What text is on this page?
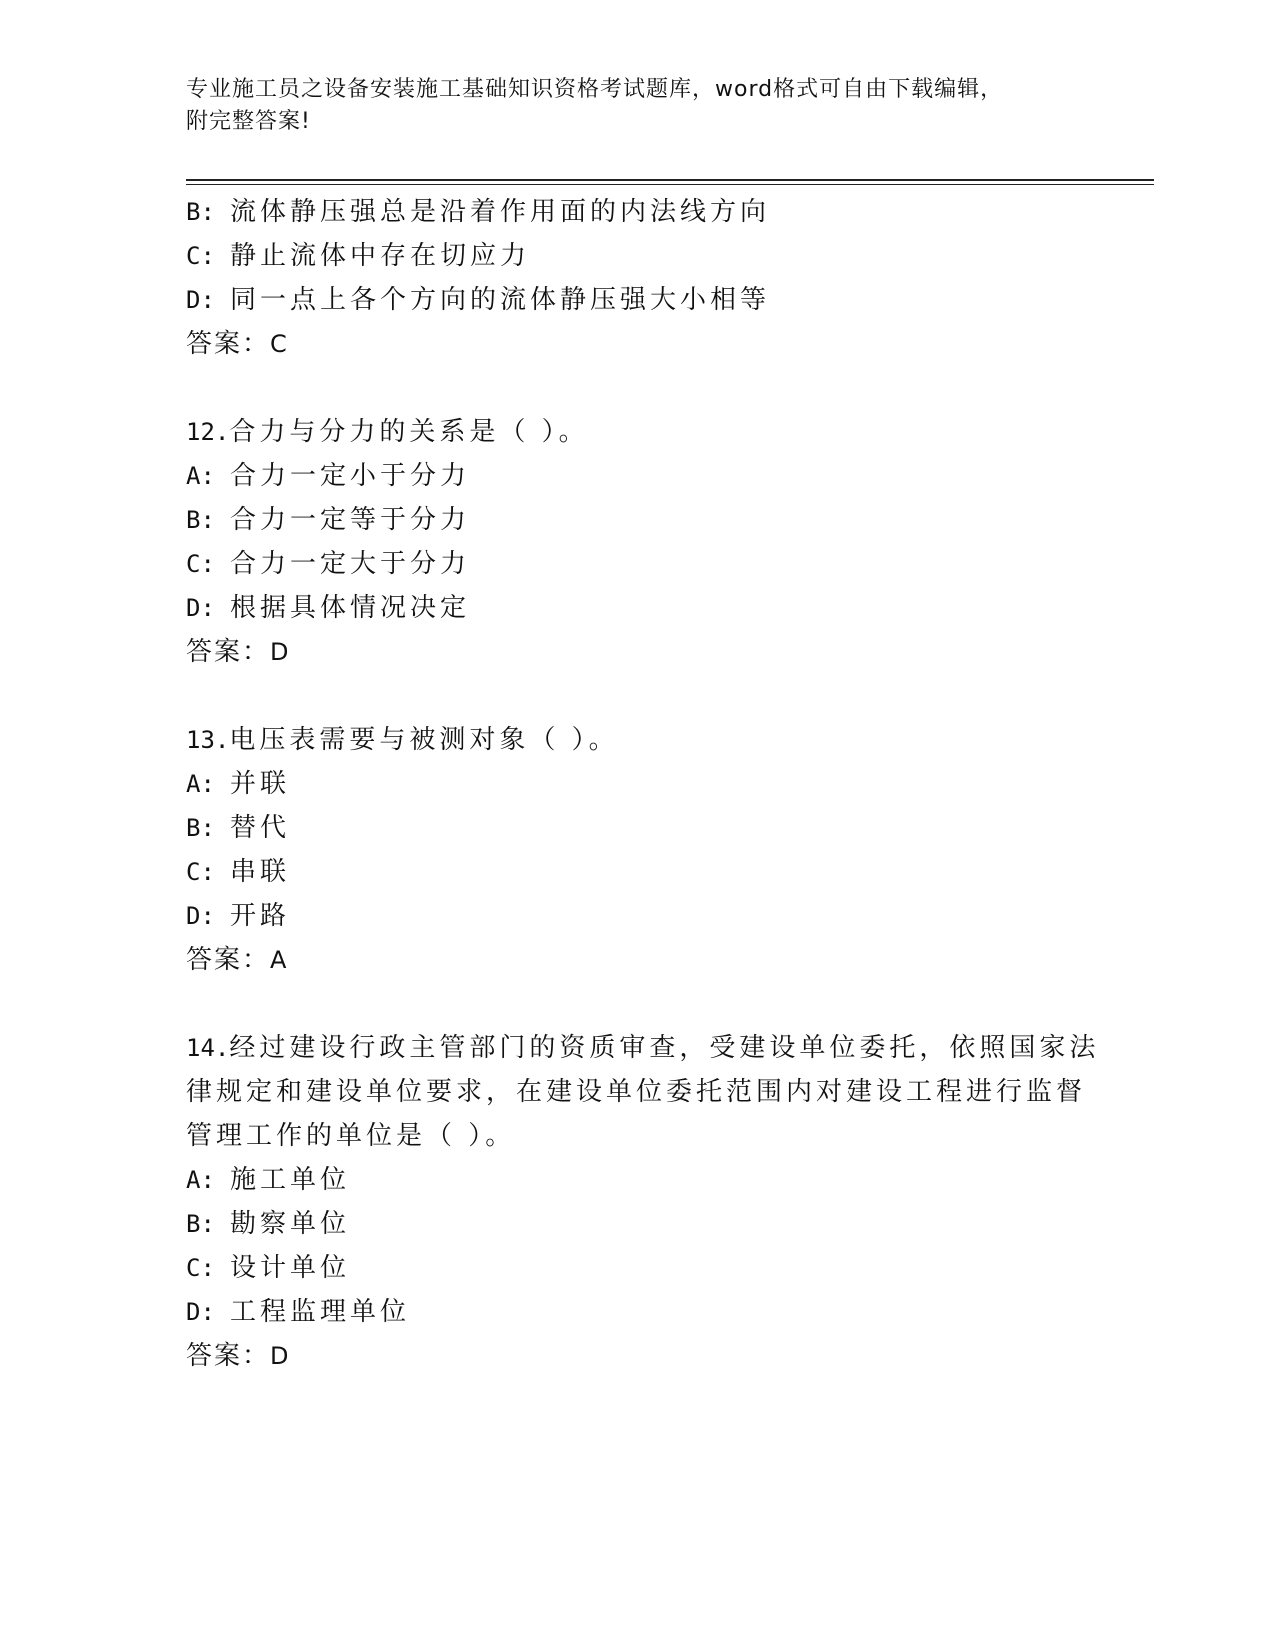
专业施工员之设备安装施工基础知识资格考试题库，word格式可自由下载编辑，
附完整答案!
B: 流体静压强总是沿着作用面的内法线方向
C: 静止流体中存在切应力
D: 同一点上各个方向的流体静压强大小相等
答案：C
12.合力与分力的关系是（ ）。
A: 合力一定小于分力
B: 合力一定等于分力
C: 合力一定大于分力
D: 根据具体情况决定
答案：D
13.电压表需要与被测对象（ ）。
A: 并联
B: 替代
C: 串联
D: 开路
答案：A
14.经过建设行政主管部门的资质审查，受建设单位委托，依照国家法
律规定和建设单位要求，在建设单位委托范围内对建设工程进行监督
管理工作的单位是（ ）。
A: 施工单位
B: 勘察单位
C: 设计单位
D: 工程监理单位
答案：D
